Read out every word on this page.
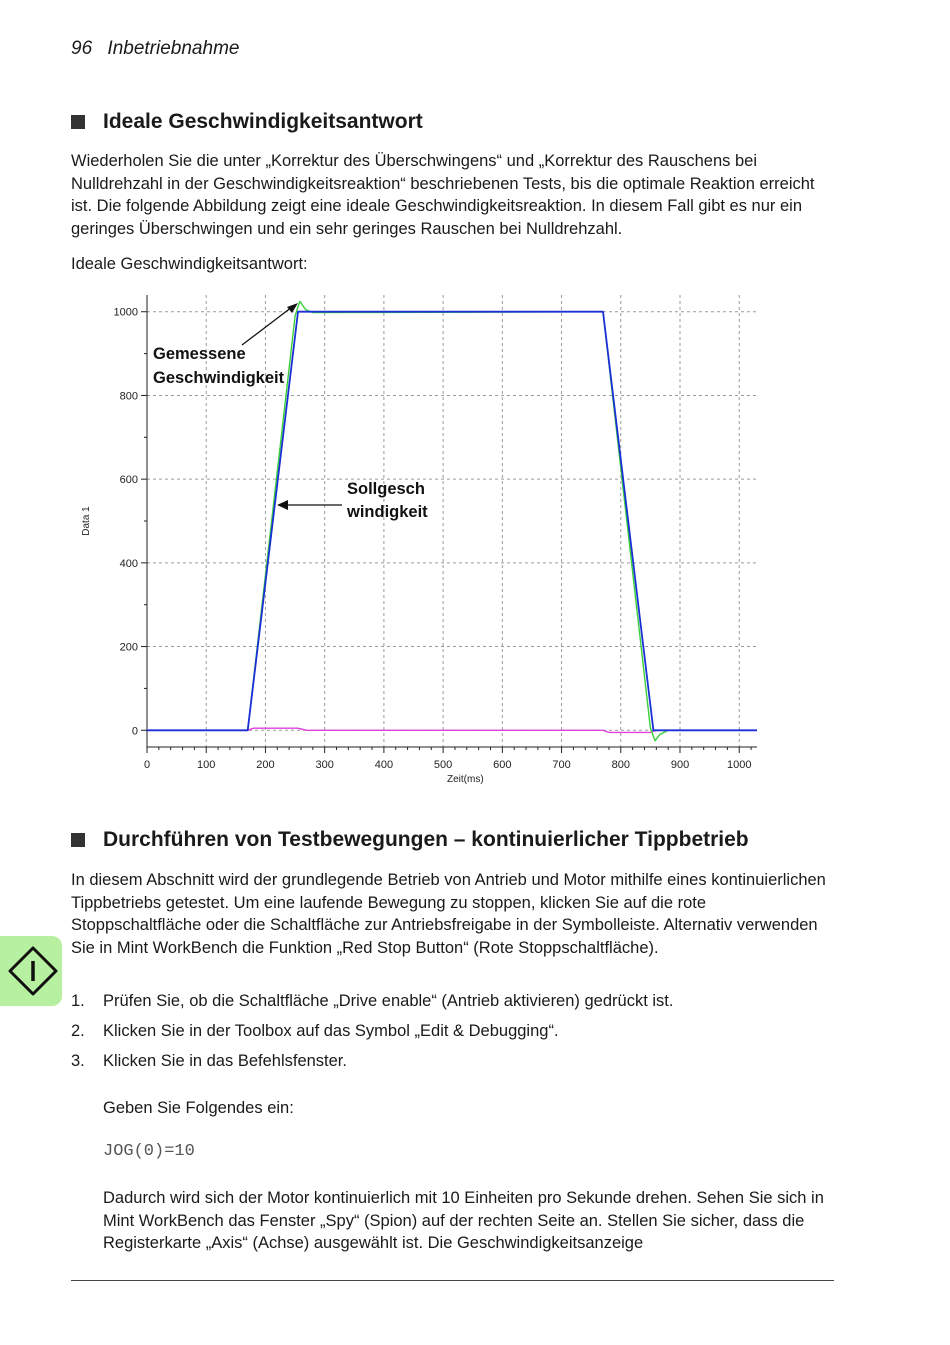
96 Inbetriebnahme
Ideale Geschwindigkeitsantwort
Wiederholen Sie die unter „Korrektur des Überschwingens“ und „Korrektur des Rauschens bei Nulldrehzahl in der Geschwindigkeitsreaktion“ beschriebenen Tests, bis die optimale Reaktion erreicht ist. Die folgende Abbildung zeigt eine ideale Geschwindigkeitsreaktion. In diesem Fall gibt es nur ein geringes Überschwingen und ein sehr geringes Rauschen bei Nulldrehzahl.
Ideale Geschwindigkeitsantwort:
0
200
400
600
800
1000
0	100	200	300	400	500	600	700	800	900	1000
Gemessene
Geschwindigkeit
Sollgesch
windigkeit
Data 1
Zeit(ms)
Durchführen von Testbewegungen – kontinuierlicher Tippbetrieb
In diesem Abschnitt wird der grundlegende Betrieb von Antrieb und Motor mithilfe eines kontinuierlichen Tippbetriebs getestet. Um eine laufende Bewegung zu stoppen, klicken Sie auf die rote Stoppschaltfläche oder die Schaltfläche zur Antriebsfreigabe in der Symbolleiste. Alternativ verwenden Sie in Mint WorkBench die Funktion „Red Stop Button“ (Rote Stoppschaltfläche).
1.	Prüfen Sie, ob die Schaltfläche „Drive enable“ (Antrieb aktivieren) gedrückt ist.
2.	Klicken Sie in der Toolbox auf das Symbol „Edit & Debugging“.
3.	Klicken Sie in das Befehlsfenster.
Geben Sie Folgendes ein:
JOG(0)=10
Dadurch wird sich der Motor kontinuierlich mit 10 Einheiten pro Sekunde drehen. Sehen Sie sich in Mint WorkBench das Fenster „Spy“ (Spion) auf der rechten Seite an. Stellen Sie sicher, dass die Registerkarte „Axis“ (Achse) ausgewählt ist. Die Geschwindigkeitsanzeige
